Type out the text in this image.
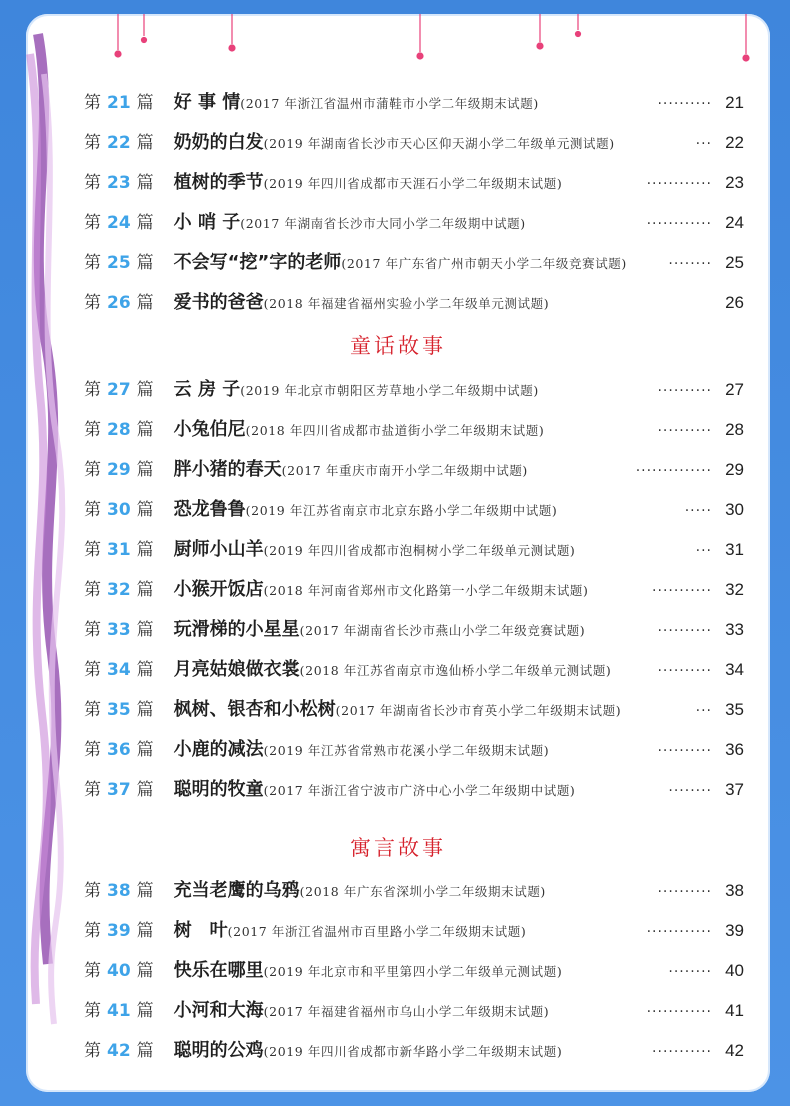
第 21 篇 好 事 情 (2017 年浙江省温州市蒲鞋市小学二年级期末试题)	·········· 21
第 22 篇 奶奶的白发 (2019 年湖南省长沙市天心区仰天湖小学二年级单元测试题)	··· 22
第 23 篇 植树的季节 (2019 年四川省成都市天涯石小学二年级期末试题)	············ 23
第 24 篇 小 哨 子 (2017 年湖南省长沙市大同小学二年级期中试题)	············ 24
第 25 篇 不会写“挖”字的老师 (2017 年广东省广州市朝天小学二年级竞赛试题)	········ 25
第 26 篇 爱书的爸爸 (2018 年福建省福州实验小学二年级单元测试题)	26
童话故事
第 27 篇 云 房 子 (2019 年北京市朝阳区芳草地小学二年级期中试题)	·········· 27
第 28 篇 小兔伯尼 (2018 年四川省成都市盐道街小学二年级期末试题)	·········· 28
第 29 篇 胖小猪的春天 (2017 年重庆市南开小学二年级期中试题)	·············· 29
第 30 篇 恐龙鲁鲁 (2019 年江苏省南京市北京东路小学二年级期中试题)	····· 30
第 31 篇 厨师小山羊 (2019 年四川省成都市泡桐树小学二年级单元测试题)	··· 31
第 32 篇 小猴开饭店 (2018 年河南省郑州市文化路第一小学二年级期末试题)	··········· 32
第 33 篇 玩滑梯的小星星 (2017 年湖南省长沙市燕山小学二年级竞赛试题)	·········· 33
第 34 篇 月亮姑娘做衣裳 (2018 年江苏省南京市逸仙桥小学二年级单元测试题)	·········· 34
第 35 篇 枫树、银杏和小松树 (2017 年湖南省长沙市育英小学二年级期末试题)	··· 35
第 36 篇 小鹿的减法 (2019 年江苏省常熟市花溪小学二年级期末试题)	·········· 36
第 37 篇 聪明的牧童 (2017 年浙江省宁波市广济中心小学二年级期中试题)	········ 37
寓言故事
第 38 篇 充当老鹰的乌鸦 (2018 年广东省深圳小学二年级期末试题)	·········· 38
第 39 篇 树　叶 (2017 年浙江省温州市百里路小学二年级期末试题)	············ 39
第 40 篇 快乐在哪里 (2019 年北京市和平里第四小学二年级单元测试题)	········ 40
第 41 篇 小河和大海 (2017 年福建省福州市乌山小学二年级期末试题)	············ 41
第 42 篇 聪明的公鸡 (2019 年四川省成都市新华路小学二年级期末试题)	··········· 42
